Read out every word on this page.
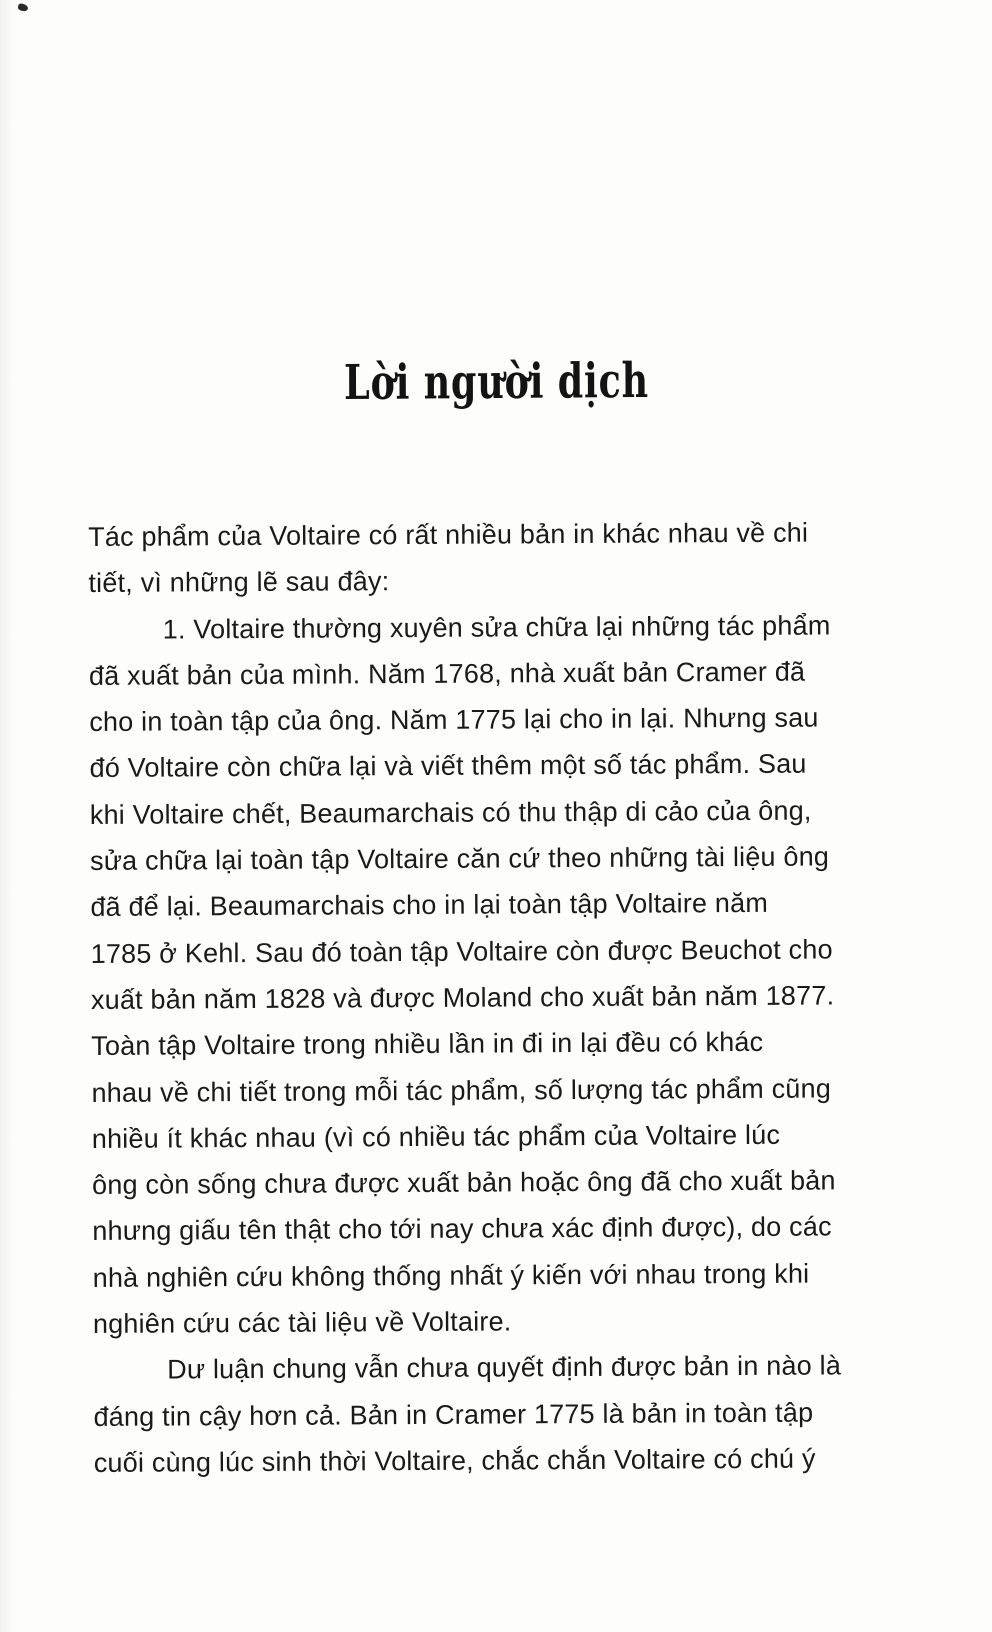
Lời người dịch
Tác phẩm của Voltaire có rất nhiều bản in khác nhau về chi
tiết, vì những lẽ sau đây:
1. Voltaire thường xuyên sửa chữa lại những tác phẩm
đã xuất bản của mình. Năm 1768, nhà xuất bản Cramer đã
cho in toàn tập của ông. Năm 1775 lại cho in lại. Nhưng sau
đó Voltaire còn chữa lại và viết thêm một số tác phẩm. Sau
khi Voltaire chết, Beaumarchais có thu thập di cảo của ông,
sửa chữa lại toàn tập Voltaire căn cứ theo những tài liệu ông
đã để lại. Beaumarchais cho in lại toàn tập Voltaire năm
1785 ở Kehl. Sau đó toàn tập Voltaire còn được Beuchot cho
xuất bản năm 1828 và được Moland cho xuất bản năm 1877.
Toàn tập Voltaire trong nhiều lần in đi in lại đều có khác
nhau về chi tiết trong mỗi tác phẩm, số lượng tác phẩm cũng
nhiều ít khác nhau (vì có nhiều tác phẩm của Voltaire lúc
ông còn sống chưa được xuất bản hoặc ông đã cho xuất bản
nhưng giấu tên thật cho tới nay chưa xác định được), do các
nhà nghiên cứu không thống nhất ý kiến với nhau trong khi
nghiên cứu các tài liệu về Voltaire.
Dư luận chung vẫn chưa quyết định được bản in nào là
đáng tin cậy hơn cả. Bản in Cramer 1775 là bản in toàn tập
cuối cùng lúc sinh thời Voltaire, chắc chắn Voltaire có chú ý
